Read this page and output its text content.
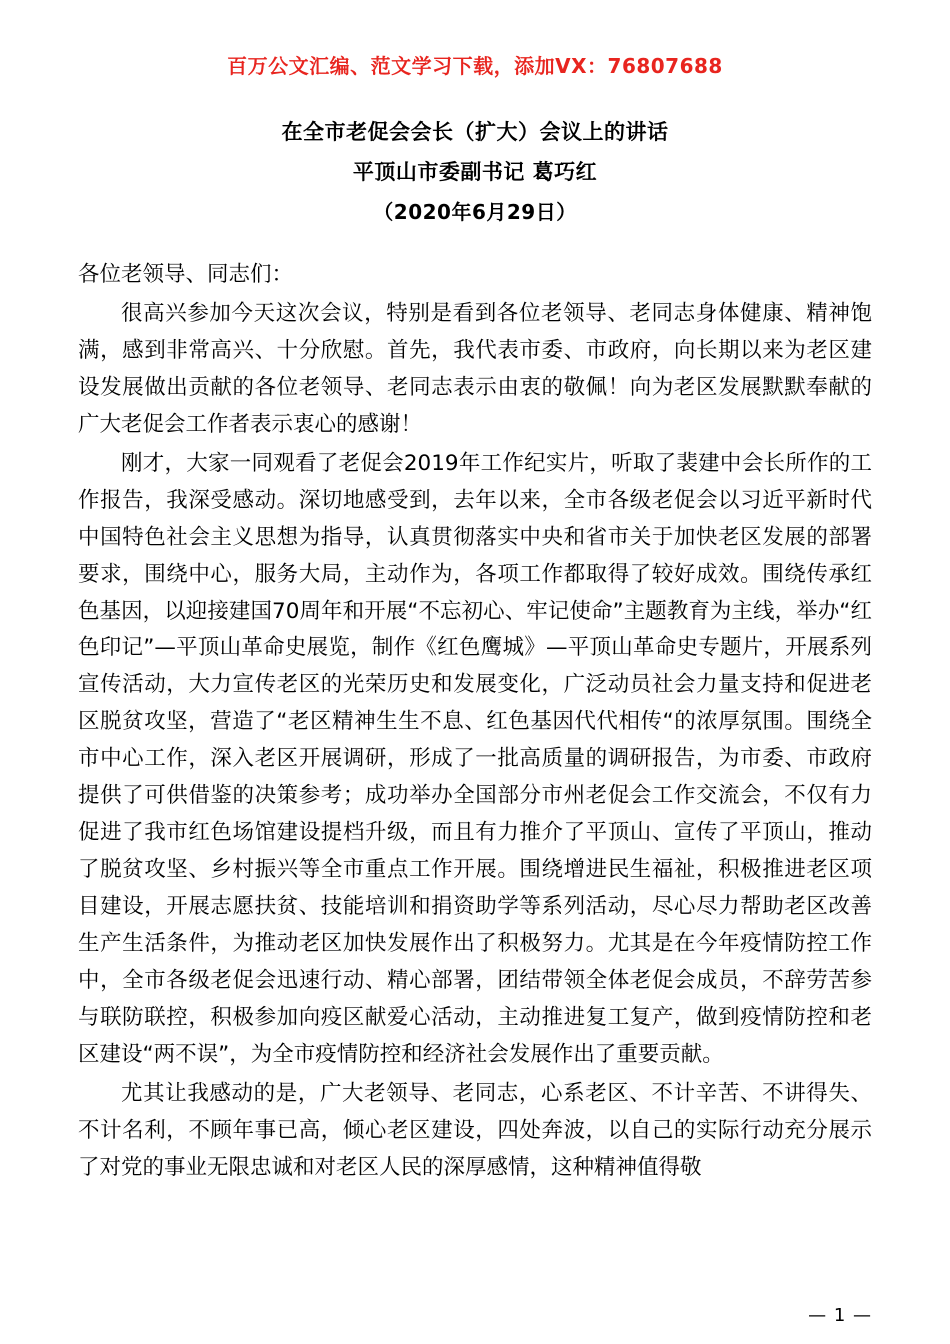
百万公文汇编、范文学习下载，添加VX：76807688
在全市老促会会长（扩大）会议上的讲话
平顶山市委副书记 葛巧红
（2020年6月29日）

各位老领导、同志们：

很高兴参加今天这次会议，特别是看到各位老领导、老同志身体健康、精神饱满，感到非常高兴、十分欣慰。首先，我代表市委、市政府，向长期以来为老区建设发展做出贡献的各位老领导、老同志表示由衷的敬佩！向为老区发展默默奉献的广大老促会工作者表示衷心的感谢！

刚才，大家一同观看了老促会2019年工作纪实片，听取了裴建中会长所作的工作报告，我深受感动。深切地感受到，去年以来，全市各级老促会以习近平新时代中国特色社会主义思想为指导，认真贯彻落实中央和省市关于加快老区发展的部署要求，围绕中心，服务大局，主动作为，各项工作都取得了较好成效。围绕传承红色基因，以迎接建国70周年和开展“不忘初心、牢记使命”主题教育为主线，举办“红色印记”—平顶山革命史展览，制作《红色鹰城》—平顶山革命史专题片，开展系列宣传活动，大力宣传老区的光荣历史和发展变化，广泛动员社会力量支持和促进老区脱贫攻坚，营造了“老区精神生生不息、红色基因代代相传“的浓厚氛围。围绕全市中心工作，深入老区开展调研，形成了一批高质量的调研报告，为市委、市政府提供了可供借鉴的决策参考；成功举办全国部分市州老促会工作交流会，不仅有力促进了我市红色场馆建设提档升级，而且有力推介了平顶山、宣传了平顶山，推动了脱贫攻坚、乡村振兴等全市重点工作开展。围绕增进民生福祉，积极推进老区项目建设，开展志愿扶贫、技能培训和捐资助学等系列活动，尽心尽力帮助老区改善生产生活条件，为推动老区加快发展作出了积极努力。尤其是在今年疫情防控工作中，全市各级老促会迅速行动、精心部署，团结带领全体老促会成员，不辞劳苦参与联防联控，积极参加向疫区献爱心活动，主动推进复工复产，做到疫情防控和老区建设“两不误”，为全市疫情防控和经济社会发展作出了重要贡献。

尤其让我感动的是，广大老领导、老同志，心系老区、不计辛苦、不讲得失、不计名利，不顾年事已高，倾心老区建设，四处奔波，以自己的实际行动充分展示了对党的事业无限忠诚和对老区人民的深厚感情，这种精神值得敬

— 1 —
